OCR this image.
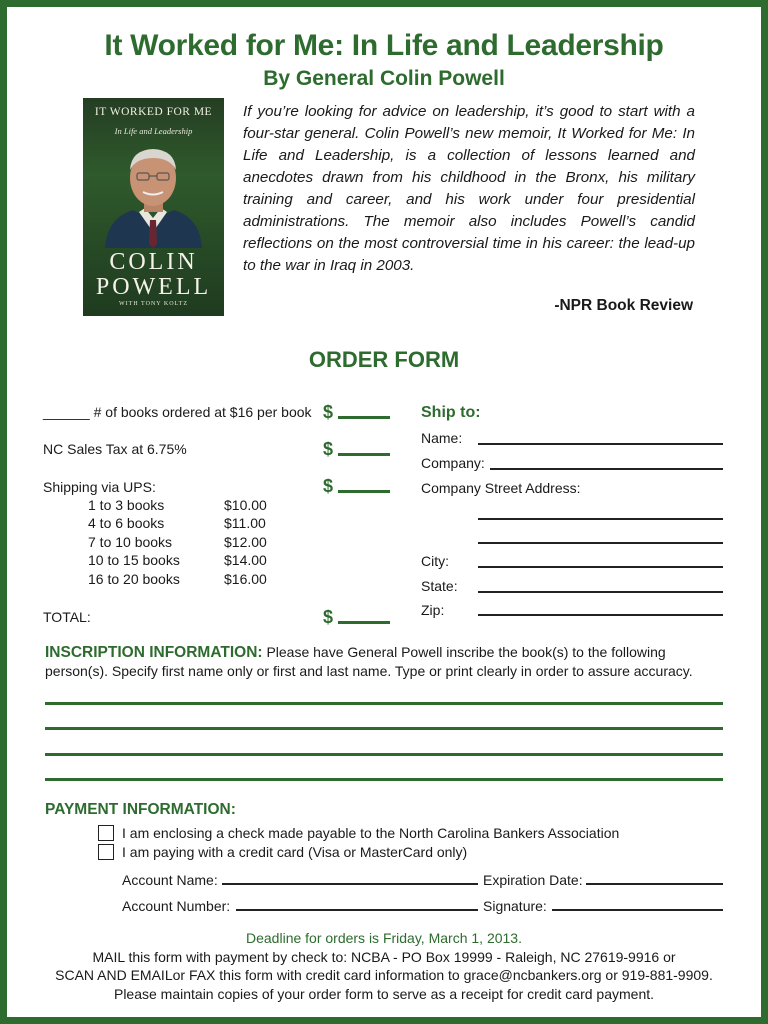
It Worked for Me: In Life and Leadership
By General Colin Powell
IT WORKED FOR ME
In Life and Leadership
COLIN
POWELL
WITH TONY KOLTZ
If you’re looking for advice on leadership, it’s good to start with a four-star general. Colin Powell’s new memoir, It Worked for Me: In Life and Leadership, is a collection of lessons learned and anecdotes drawn from his childhood in the Bronx, his military training and career, and his work under four presidential administrations. The memoir also includes Powell’s candid reflections on the most controversial time in his career: the lead-up to the war in Iraq in 2003.
-NPR Book Review
ORDER FORM
______ # of books ordered at $16 per book $
NC Sales Tax at 6.75%	$
Shipping via UPS:	$
1 to 3 books	$10.00
4 to 6 books	$11.00
7 to 10 books	$12.00
10 to 15 books	$14.00
16 to 20 books	$16.00
TOTAL:	$
Ship to:
Name:
Company:
Company Street Address:
City:
State:
Zip:
INSCRIPTION INFORMATION: Please have General Powell inscribe the book(s) to the following person(s). Specify first name only or first and last name. Type or print clearly in order to assure accuracy.
PAYMENT INFORMATION:
I am enclosing a check made payable to the North Carolina Bankers Association
I am paying with a credit card (Visa or MasterCard only)
Account Name:	Expiration Date:
Account Number:	Signature:
Deadline for orders is Friday, March 1, 2013.
MAIL this form with payment by check to: NCBA - PO Box 19999 - Raleigh, NC 27619-9916 or
SCAN AND EMAILor FAX this form with credit card information to grace@ncbankers.org or 919-881-9909.
Please maintain copies of your order form to serve as a receipt for credit card payment.
